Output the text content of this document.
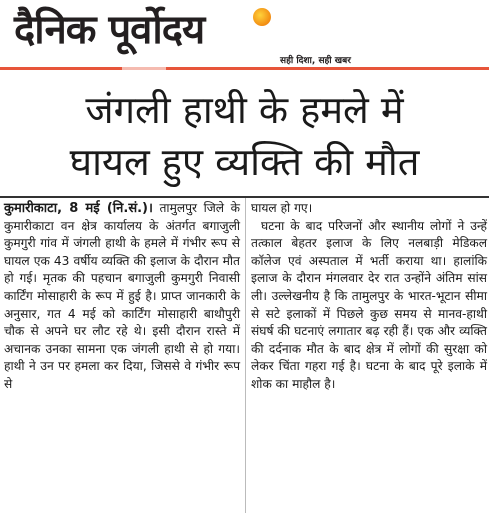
दैनिक पूर्वोदय
सही दिशा, सही खबर
जंगली हाथी के हमले में
घायल हुए व्यक्ति की मौत

कुमारीकाटा, 8 मई (नि.सं.)। तामुलपुर जिले के कुमारीकाटा वन क्षेत्र कार्यालय के अंतर्गत बगाजुली कुमगुरी गांव में जंगली हाथी के हमले में गंभीर रूप से घायल एक 43 वर्षीय व्यक्ति की इलाज के दौरान मौत हो गई। मृतक की पहचान बगाजुली कुमगुरी निवासी कार्टिंग मोसाहारी के रूप में हुई है। प्राप्त जानकारी के अनुसार, गत 4 मई को कार्टिंग मोसाहारी बाथौपुरी चौक से अपने घर लौट रहे थे। इसी दौरान रास्ते में अचानक उनका सामना एक जंगली हाथी से हो गया। हाथी ने उन पर हमला कर दिया, जिससे वे गंभीर रूप से

घायल हो गए।

घटना के बाद परिजनों और स्थानीय लोगों ने उन्हें तत्काल बेहतर इलाज के लिए नलबाड़ी मेडिकल कॉलेज एवं अस्पताल में भर्ती कराया था। हालांकि इलाज के दौरान मंगलवार देर रात उन्होंने अंतिम सांस ली। उल्लेखनीय है कि तामुलपुर के भारत-भूटान सीमा से सटे इलाकों में पिछले कुछ समय से मानव-हाथी संघर्ष की घटनाएं लगातार बढ़ रही हैं। एक और व्यक्ति की दर्दनाक मौत के बाद क्षेत्र में लोगों की सुरक्षा को लेकर चिंता गहरा गई है। घटना के बाद पूरे इलाके में शोक का माहौल है।
